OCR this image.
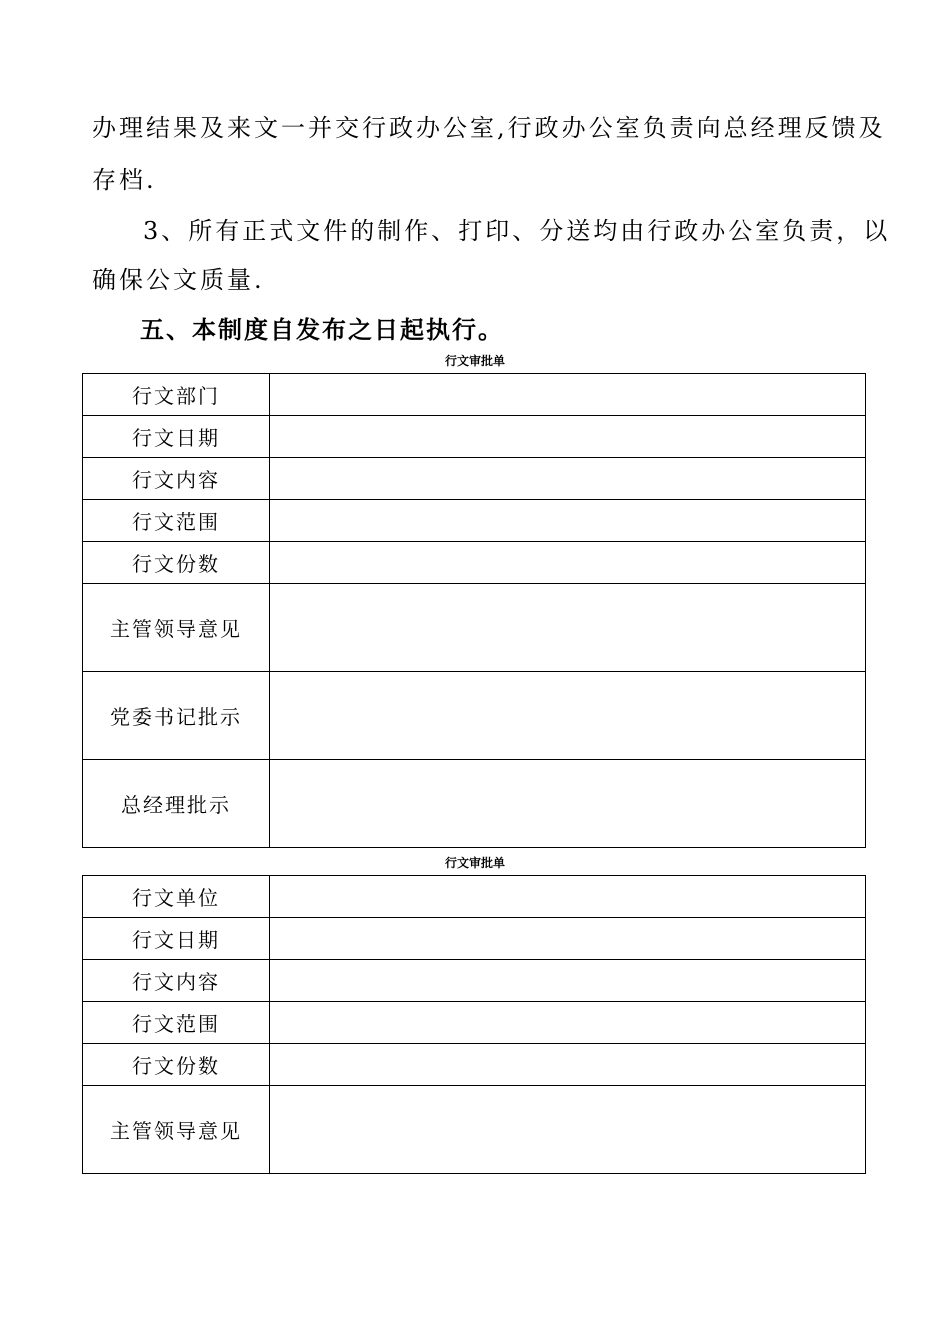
办理结果及来文一并交行政办公室,行政办公室负责向总经理反馈及
存档.
3、所有正式文件的制作、打印、分送均由行政办公室负责，以
确保公文质量.
五、本制度自发布之日起执行。
行文审批单
行文部门	
行文日期	
行文内容	
行文范围	
行文份数	
主管领导意见	
党委书记批示	
总经理批示	
行文审批单
行文单位	
行文日期	
行文内容	
行文范围	
行文份数	
主管领导意见	
